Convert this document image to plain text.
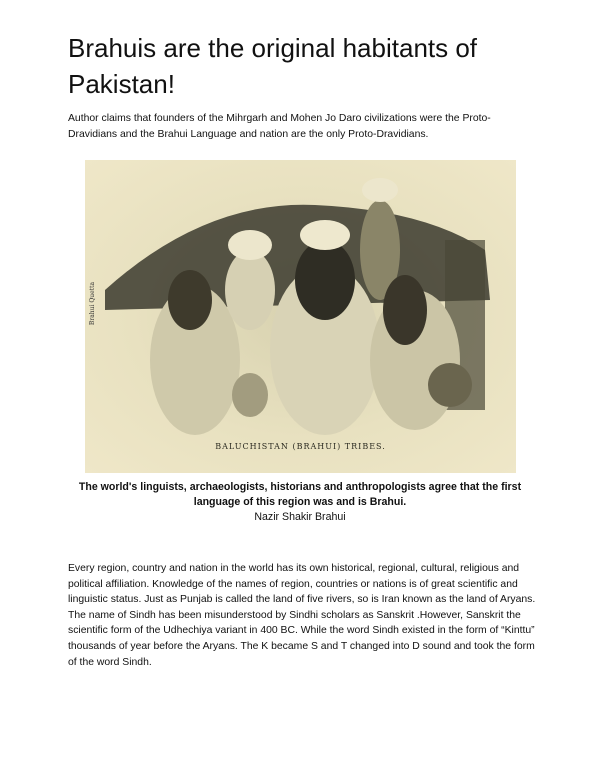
Brahuis are the original habitants of Pakistan!

Author claims that founders of the Mihrgarh and Mohen Jo Daro civilizations were the Proto-Dravidians and the Brahui Language and nation are the only Proto-Dravidians.

Brahui Quetta
BALUCHISTAN (BRAHUI) TRIBES.

The world's linguists, archaeologists, historians and anthropologists agree that the first language of this region was and is Brahui.

Nazir Shakir Brahui

Every region, country and nation in the world has its own historical, regional, cultural, religious and political affiliation. Knowledge of the names of region, countries or nations is of great scientific and linguistic status. Just as Punjab is called the land of five rivers, so is Iran known as the land of Aryans. The name of Sindh has been misunderstood by Sindhi scholars as Sanskrit .However, Sanskrit the scientific form of the Udhechiya variant in 400 BC. While the word Sindh existed in the form of “Kinttu” thousands of year before the Aryans. The K became S and T changed into D sound and took the form of the word Sindh.
